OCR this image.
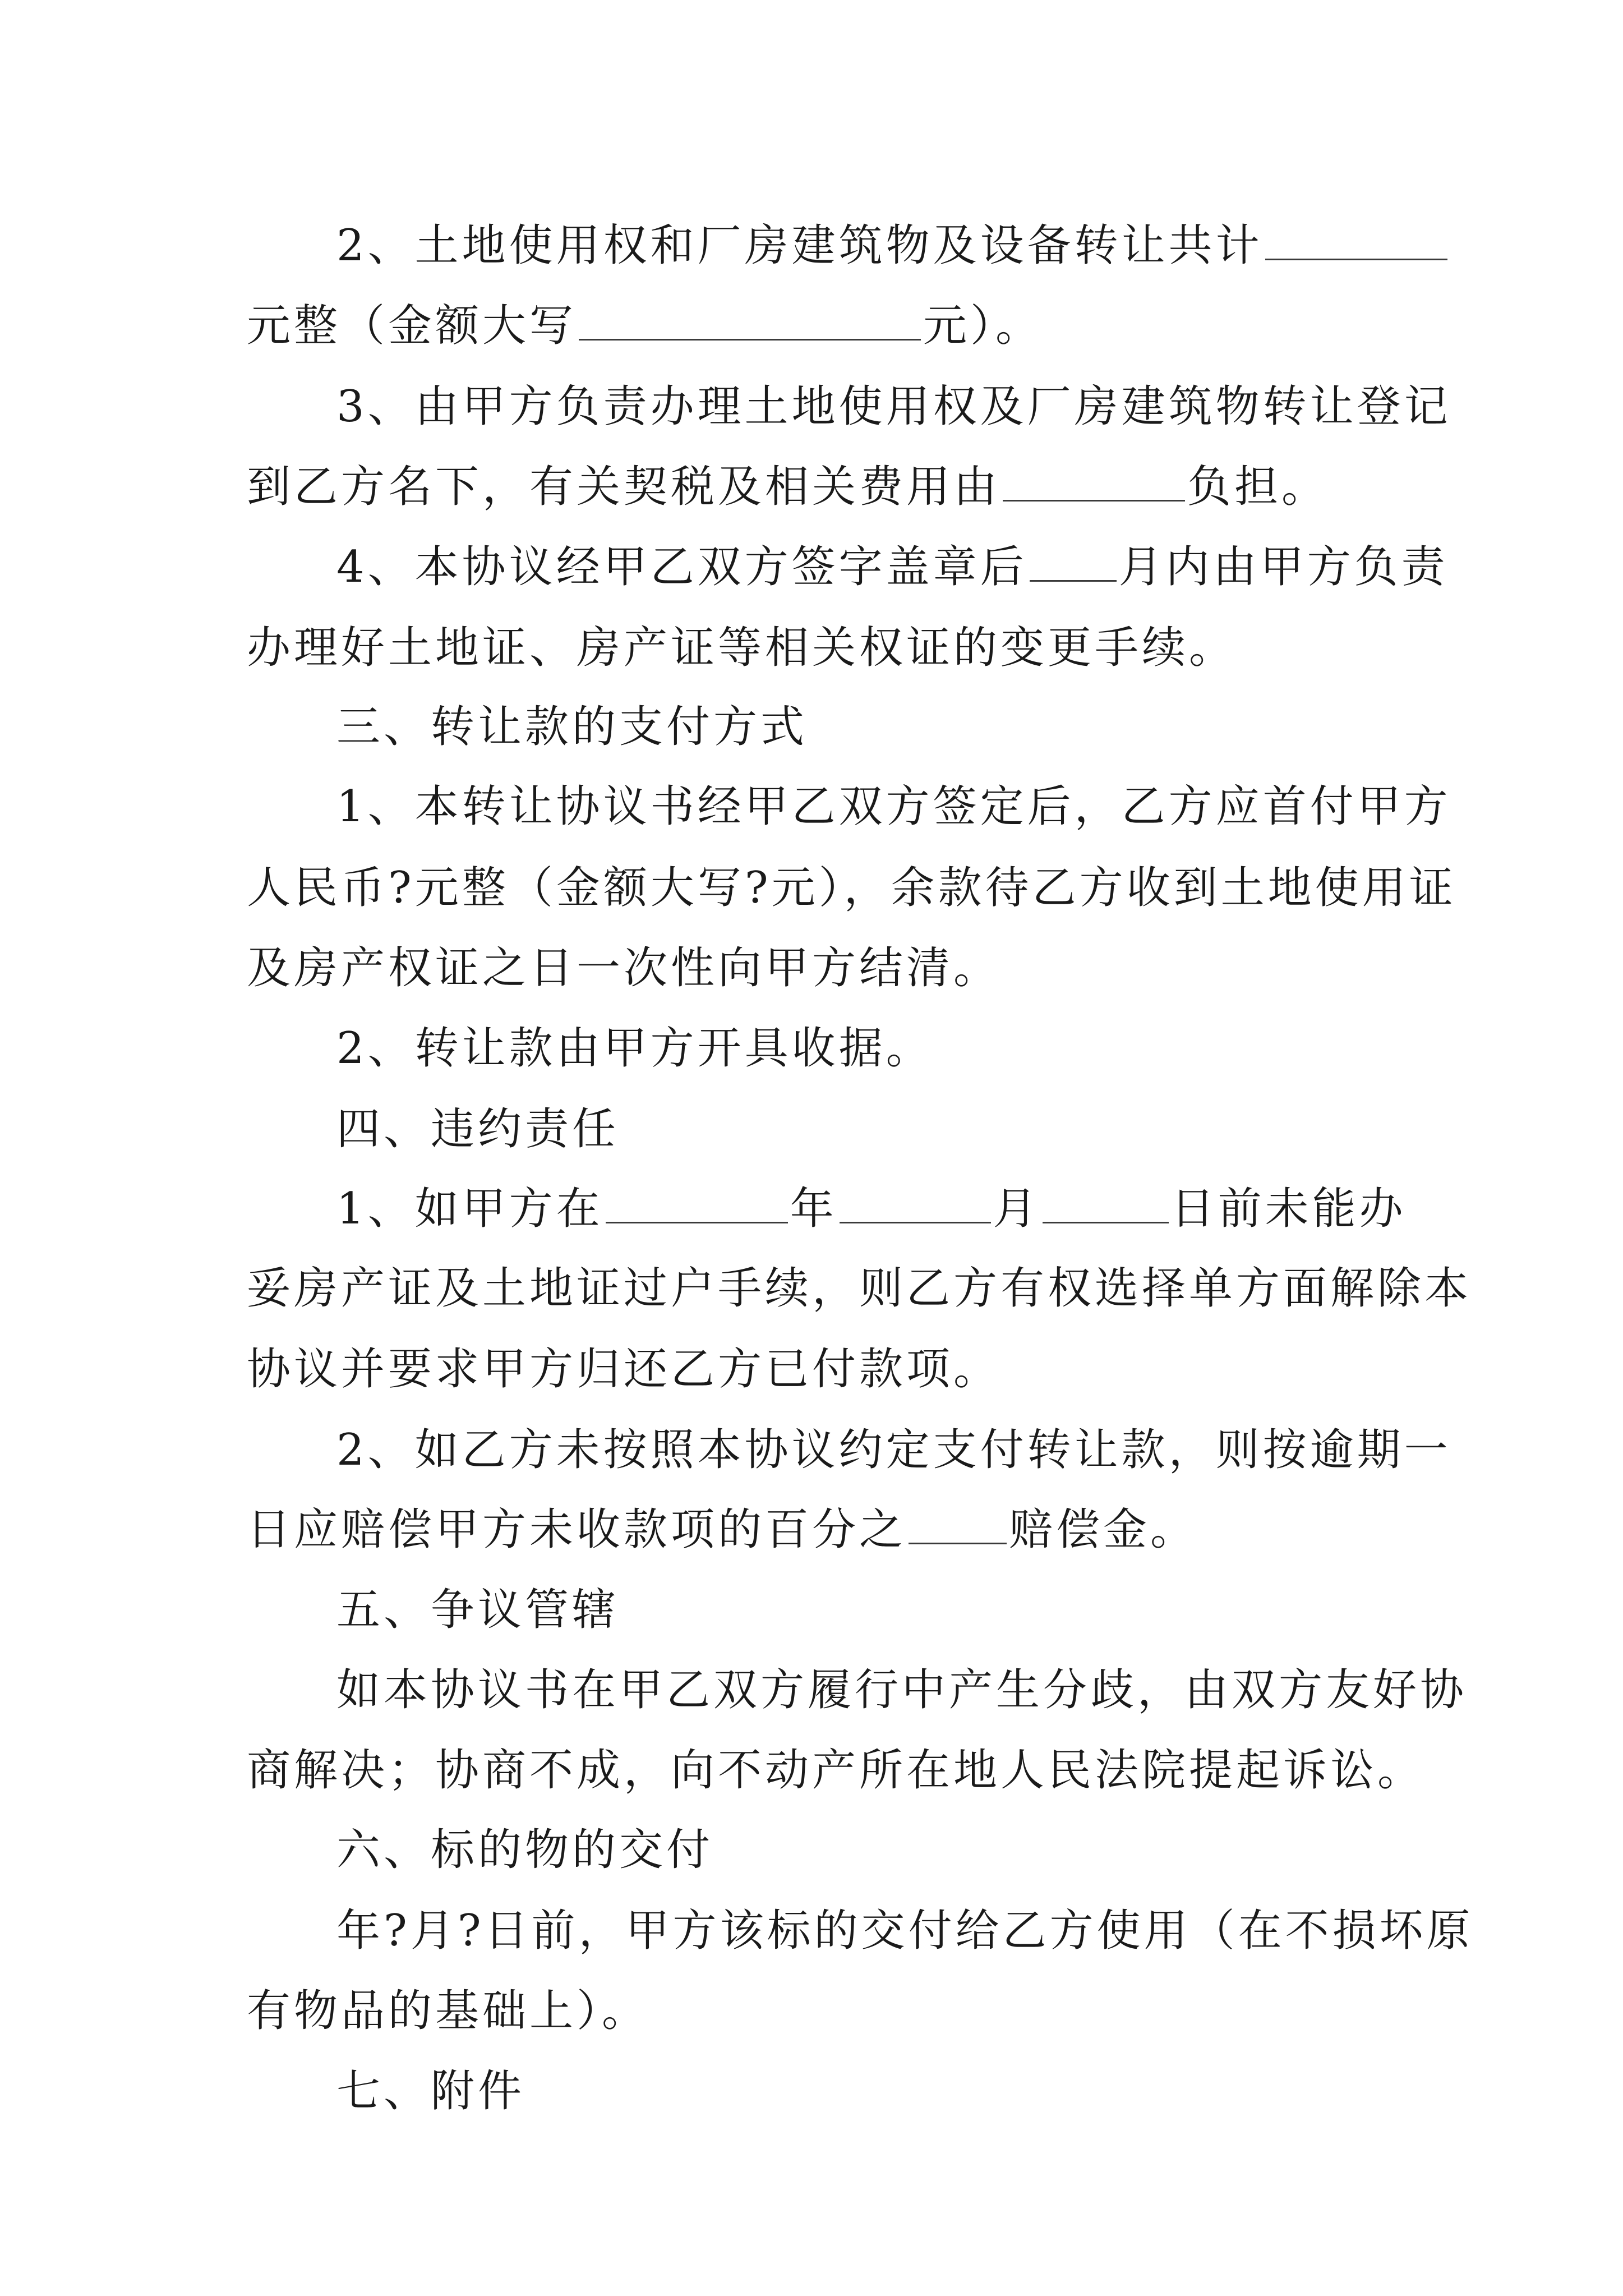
2、土地使用权和厂房建筑物及设备转让共计
元整（金额大写	元）。
3、由甲方负责办理土地使用权及厂房建筑物转让登记
到乙方名下，有关契税及相关费用由	负担。
4、本协议经甲乙双方签字盖章后 月内由甲方负责
办理好土地证、房产证等相关权证的变更手续。
三、转让款的支付方式
1、本转让协议书经甲乙双方签定后，乙方应首付甲方
人民币?元整（金额大写?元），余款待乙方收到土地使用证
及房产权证之日一次性向甲方结清。
2、转让款由甲方开具收据。
四、违约责任
1、如甲方在	年	月	日前未能办
妥房产证及土地证过户手续，则乙方有权选择单方面解除本
协议并要求甲方归还乙方已付款项。
2、如乙方未按照本协议约定支付转让款，则按逾期一
日应赔偿甲方未收款项的百分之 赔偿金。
五、争议管辖
如本协议书在甲乙双方履行中产生分歧，由双方友好协
商解决；协商不成，向不动产所在地人民法院提起诉讼。
六、标的物的交付
年?月?日前，甲方该标的交付给乙方使用（在不损坏原
有物品的基础上）。
七、附件
